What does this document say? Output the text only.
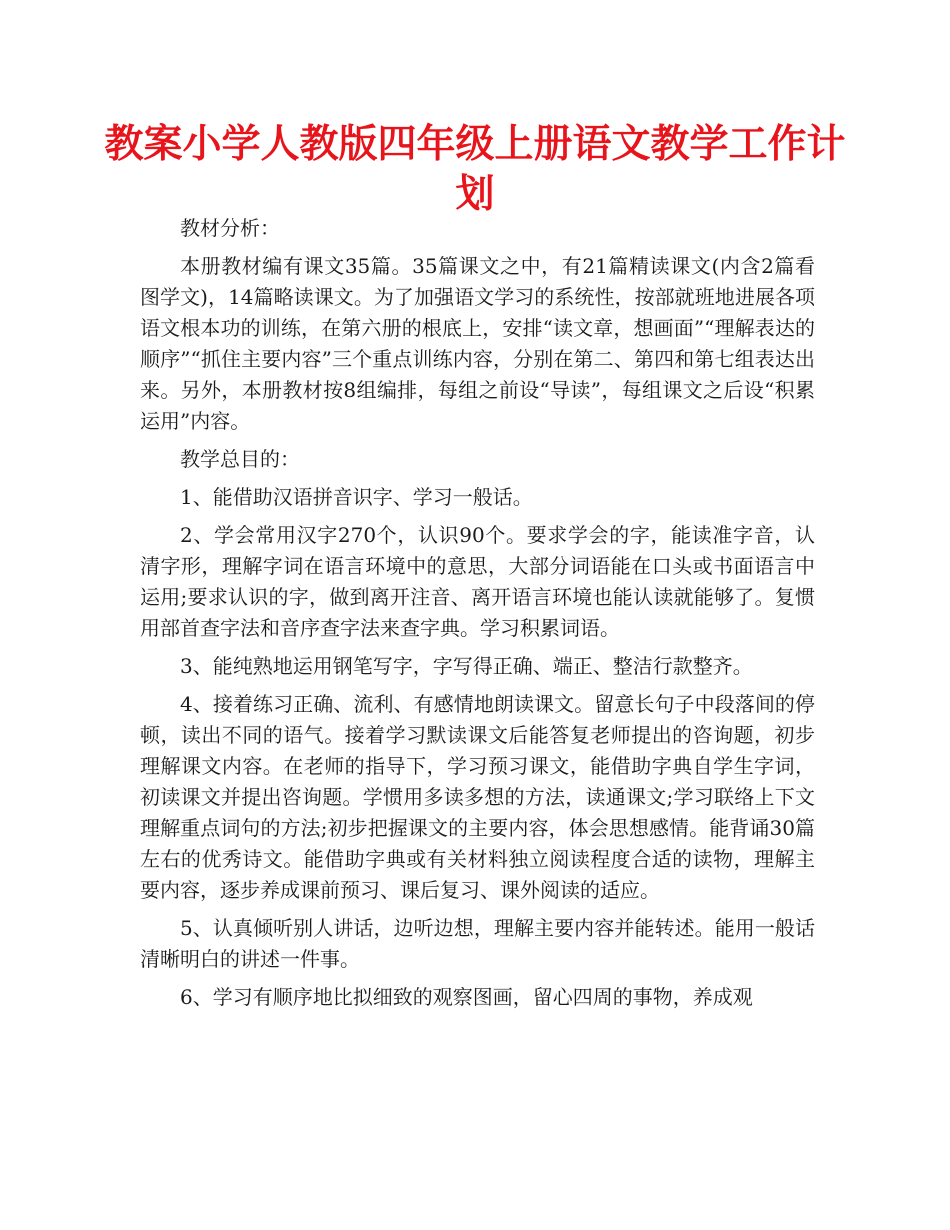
教案小学人教版四年级上册语文教学工作计划

教材分析：

本册教材编有课文35篇。35篇课文之中，有21篇精读课文(内含2篇看图学文)，14篇略读课文。为了加强语文学习的系统性，按部就班地进展各项语文根本功的训练，在第六册的根底上，安排“读文章，想画面”“理解表达的顺序”“抓住主要内容”三个重点训练内容，分别在第二、第四和第七组表达出来。另外，本册教材按8组编排，每组之前设“导读”，每组课文之后设“积累运用”内容。

教学总目的：

1、能借助汉语拼音识字、学习一般话。

2、学会常用汉字270个，认识90个。要求学会的字，能读准字音，认清字形，理解字词在语言环境中的意思，大部分词语能在口头或书面语言中运用;要求认识的字，做到离开注音、离开语言环境也能认读就能够了。复惯用部首查字法和音序查字法来查字典。学习积累词语。

3、能纯熟地运用钢笔写字，字写得正确、端正、整洁行款整齐。

4、接着练习正确、流利、有感情地朗读课文。留意长句子中段落间的停顿，读出不同的语气。接着学习默读课文后能答复老师提出的咨询题，初步理解课文内容。在老师的指导下，学习预习课文，能借助字典自学生字词，初读课文并提出咨询题。学惯用多读多想的方法，读通课文;学习联络上下文理解重点词句的方法;初步把握课文的主要内容，体会思想感情。能背诵30篇左右的优秀诗文。能借助字典或有关材料独立阅读程度合适的读物，理解主要内容，逐步养成课前预习、课后复习、课外阅读的适应。

5、认真倾听别人讲话，边听边想，理解主要内容并能转述。能用一般话清晰明白的讲述一件事。

6、学习有顺序地比拟细致的观察图画，留心四周的事物，养成观
